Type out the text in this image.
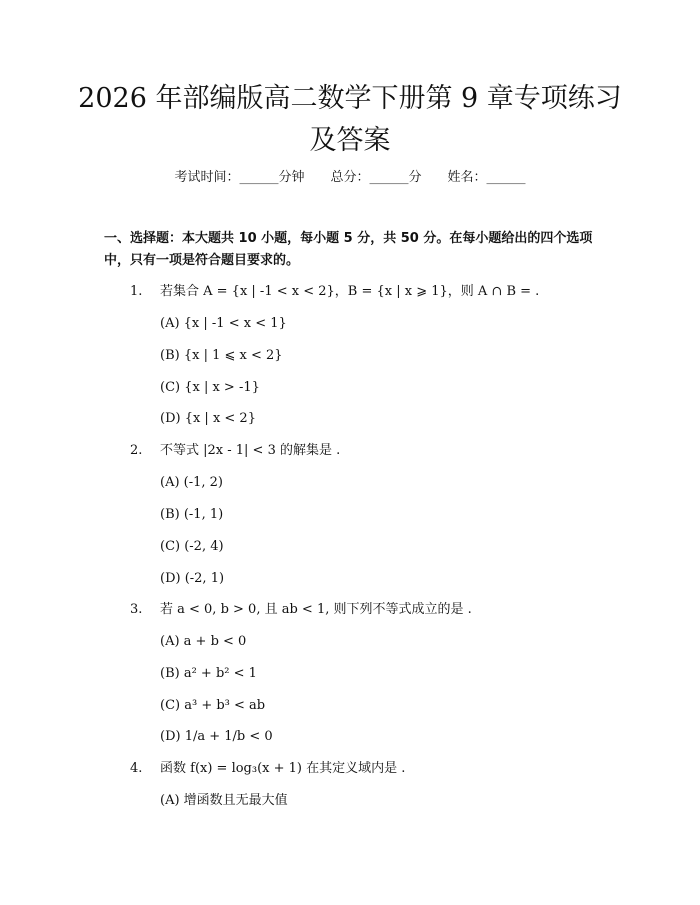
2026 年部编版高二数学下册第 9 章专项练习
及答案
考试时间：______分钟 总分：______分 姓名：______
一、选择题：本大题共 10 小题，每小题 5 分，共 50 分。在每小题给出的四个选项中，只有一项是符合题目要求的。
1. 若集合 A = {x | -1 < x < 2}，B = {x | x ⩾ 1}，则 A ∩ B = .
(A) {x | -1 < x < 1}
(B) {x | 1 ⩽ x < 2}
(C) {x | x > -1}
(D) {x | x < 2}
2. 不等式 |2x - 1| < 3 的解集是 .
(A) (-1, 2)
(B) (-1, 1)
(C) (-2, 4)
(D) (-2, 1)
3. 若 a < 0, b > 0, 且 ab < 1, 则下列不等式成立的是 .
(A) a + b < 0
(B) a² + b² < 1
(C) a³ + b³ < ab
(D) 1/a + 1/b < 0
4. 函数 f(x) = log₃(x + 1) 在其定义域内是 .
(A) 增函数且无最大值
